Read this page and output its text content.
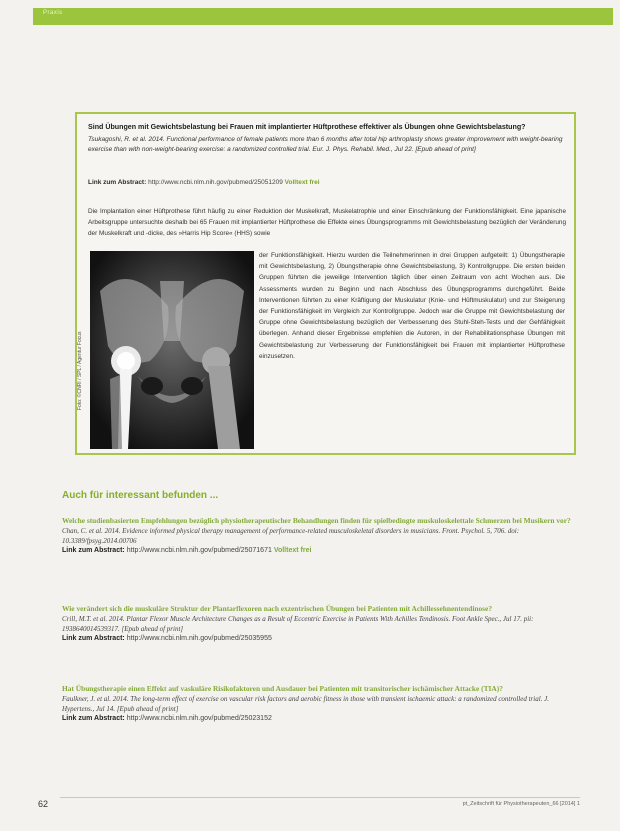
Praxis
Sind Übungen mit Gewichtsbelastung bei Frauen mit implantierter Hüftprothese effektiver als Übungen ohne Gewichtsbelastung?
Tsukagoshi, R. et al. 2014. Functional performance of female patients more than 6 months after total hip arthroplasty shows greater improvement with weight-bearing exercise than with non-weight-bearing exercise: a randomized controlled trial. Eur. J. Phys. Rehabil. Med., Jul 22. [Epub ahead of print]
Link zum Abstract: http://www.ncbi.nlm.nih.gov/pubmed/25051209 Volltext frei
Die Implantation einer Hüftprothese führt häufig zu einer Reduktion der Muskelkraft, Muskelatrophie und einer Einschränkung der Funktionsfähigkeit. Eine japanische Arbeitsgruppe untersuchte deshalb bei 65 Frauen mit implantierter Hüftprothese die Effekte eines Übungsprogramms mit Gewichtsbelastung bezüglich der Veränderung der Muskelkraft und -dicke, des »Harris Hip Score« (HHS) sowie
Foto: ©CNRI / SPL / Agentur Focus
der Funktionsfähigkeit. Hierzu wurden die Teilnehmerinnen in drei Gruppen aufgeteilt: 1) Übungstherapie mit Gewichtsbelastung, 2) Übungstherapie ohne Gewichtsbelastung, 3) Kontrollgruppe. Die ersten beiden Gruppen führten die jeweilige Intervention täglich über einen Zeitraum von acht Wochen aus. Die Assessments wurden zu Beginn und nach Abschluss des Übungsprogramms durchgeführt. Beide Interventionen führten zu einer Kräftigung der Muskulatur (Knie- und Hüftmuskulatur) und zur Steigerung der Funktionsfähigkeit im Vergleich zur Kontrollgruppe. Jedoch war die Gruppe mit Gewichtsbelastung der Gruppe ohne Gewichtsbelastung bezüglich der Verbesserung des Stuhl-Steh-Tests und der Gehfähigkeit überlegen. Anhand dieser Ergebnisse empfehlen die Autoren, in der Rehabilitationsphase Übungen mit Gewichtsbelastung zur Verbesserung der Funktionsfähigkeit bei Frauen mit implantierter Hüftprothese einzusetzen.
Auch für interessant befunden ...
Welche studienbasierten Empfehlungen bezüglich physiotherapeutischer Behandlungen finden für spielbedingte muskuloskelettale Schmerzen bei Musikern vor?
Chan, C. et al. 2014. Evidence informed physical therapy management of performance-related musculoskeletal disorders in musicians. Front. Psychol. 5, 706. doi: 10.3389/fpsyg.2014.00706
Link zum Abstract: http://www.ncbi.nlm.nih.gov/pubmed/25071671 Volltext frei
Wie verändert sich die muskuläre Struktur der Plantarflexoren nach exzentrischen Übungen bei Patienten mit Achillessehnentendinose?
Crill, M.T. et al. 2014. Plantar Flexor Muscle Architecture Changes as a Result of Eccentric Exercise in Patients With Achilles Tendinosis. Foot Ankle Spec., Jul 17. pii: 1938640014539317. [Epub ahead of print]
Link zum Abstract: http://www.ncbi.nlm.nih.gov/pubmed/25035955
Hat Übungstherapie einen Effekt auf vaskuläre Risikofaktoren und Ausdauer bei Patienten mit transitorischer ischämischer Attacke (TIA)?
Faulkner, J. et al. 2014. The long-term effect of exercise on vascular risk factors and aerobic fitness in those with transient ischaemic attack: a randomized controlled trial. J. Hypertens., Jul 14. [Epub ahead of print]
Link zum Abstract: http://www.ncbi.nlm.nih.gov/pubmed/25023152
62	pt_Zeitschrift für Physiotherapeuten_66 [2014] 1
